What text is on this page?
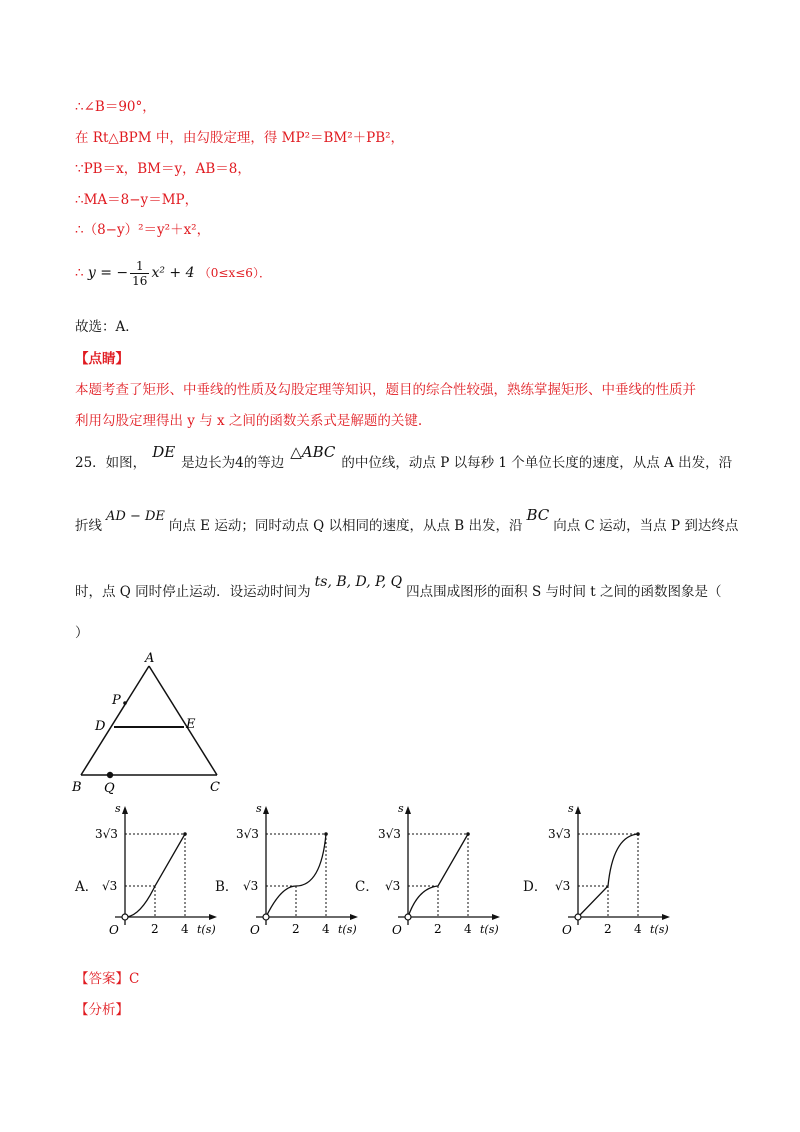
∴∠B＝90°，
在 Rt△BPM 中，由勾股定理，得 MP²＝BM²＋PB²，
∵PB＝x，BM＝y，AB＝8，
∴MA＝8−y＝MP，
∴（8−y）²＝y²＋x²，
∴ y = − $\frac{1}{16} x^2 + 4$ （0≤x≤6）．
故选：A．
【点睛】
本题考查了矩形、中垂线的性质及勾股定理等知识，题目的综合性较强，熟练掌握矩形、中垂线的性质并
利用勾股定理得出 y 与 x 之间的函数关系式是解题的关键.
25．如图，DE是边长为4的等边△ABC的中位线，动点 P 以每秒 1 个单位长度的速度，从点 A 出发，沿
折线AD − DE向点 E 运动；同时动点 Q 以相同的速度，从点 B 出发，沿BC向点 C 运动，当点 P 到达终点
时，点 Q 同时停止运动．设运动时间为ts, B, D, P, Q四点围成图形的面积 S 与时间 t 之间的函数图象是（
）
A
P
D	E
B Q	C
A．
s
3√3
√3
O	2 4 t(s)
B．
s
3√3
√3
O	2 4 t(s)
C．
s
3√3
√3
O	2 4 t(s)
D．
s
3√3
√3
O	2 4 t(s)
【答案】C
【分析】
